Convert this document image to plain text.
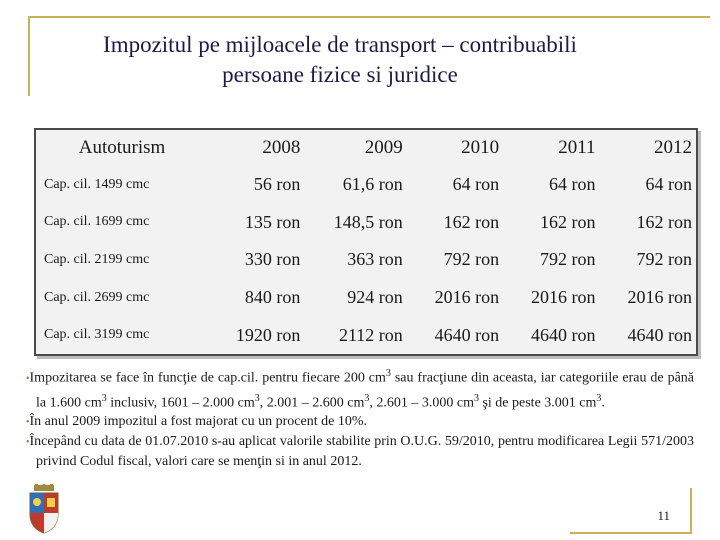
Impozitul pe mijloacele de transport – contribuabili
persoane fizice si juridice
Autoturism	2008	2009	2010	2011	2012
Cap. cil. 1499 cmc	56 ron	61,6 ron	64 ron	64 ron	64 ron
Cap. cil. 1699 cmc	135 ron	148,5 ron	162 ron	162 ron	162 ron
Cap. cil. 2199 cmc	330 ron	363 ron	792 ron	792 ron	792 ron
Cap. cil. 2699 cmc	840 ron	924 ron	2016 ron	2016 ron	2016 ron
Cap. cil. 3199 cmc	1920 ron	2112 ron	4640 ron	4640 ron	4640 ron

•Impozitarea se face în funcţie de cap.cil. pentru fiecare 200 $cm^3$ sau fracţiune din aceasta, iar categoriile erau de până la 1.600 $cm^3$ inclusiv, 1601 – 2.000 $cm^3$, 2.001 – 2.600 $cm^3$, 2.601 – 3.000 $cm^3$ şi de peste 3.001 $cm^3$.

•În anul 2009 impozitul a fost majorat cu un procent de 10%.

•Începând cu data de 01.07.2010 s-au aplicat valorile stabilite prin O.U.G. 59/2010, pentru modificarea Legii 571/2003 privind Codul fiscal, valori care se menţin si in anul 2012.

11
